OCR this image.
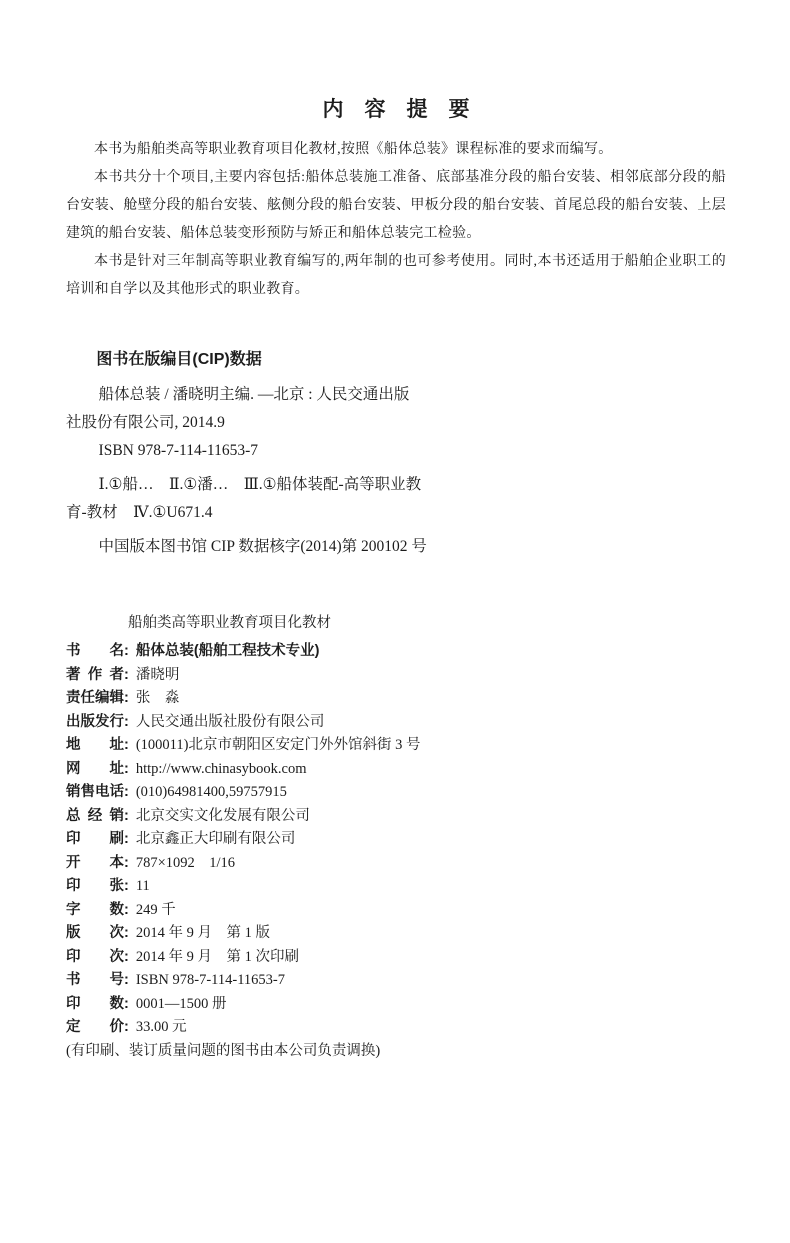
内　容　提　要

本书为船舶类高等职业教育项目化教材,按照《船体总装》课程标准的要求而编写。

本书共分十个项目,主要内容包括:船体总装施工准备、底部基准分段的船台安装、相邻底部分段的船台安装、舱壁分段的船台安装、舷侧分段的船台安装、甲板分段的船台安装、首尾总段的船台安装、上层建筑的船台安装、船体总装变形预防与矫正和船体总装完工检验。

本书是针对三年制高等职业教育编写的,两年制的也可参考使用。同时,本书还适用于船舶企业职工的培训和自学以及其他形式的职业教育。

图书在版编目(CIP)数据
船体总装 / 潘晓明主编. —北京 : 人民交通出版
社股份有限公司, 2014.9
ISBN 978-7-114-11653-7
Ⅰ.①船…　Ⅱ.①潘…　Ⅲ.①船体装配-高等职业教
育-教材　Ⅳ.①U671.4
中国版本图书馆 CIP 数据核字(2014)第 200102 号
船舶类高等职业教育项目化教材
书名: 船体总装(船舶工程技术专业)
著作者: 潘晓明
责任编辑: 张　淼
出版发行: 人民交通出版社股份有限公司
地址: (100011)北京市朝阳区安定门外外馆斜街 3 号
网址: http://www.chinasybook.com
销售电话: (010)64981400,59757915
总经销: 北京交实文化发展有限公司
印刷: 北京鑫正大印刷有限公司
开本: 787×1092　1/16
印张: 11
字数: 249 千
版次: 2014 年 9 月　第 1 版
印次: 2014 年 9 月　第 1 次印刷
书号: ISBN 978-7-114-11653-7
印数: 0001—1500 册
定价: 33.00 元
(有印刷、装订质量问题的图书由本公司负责调换)
